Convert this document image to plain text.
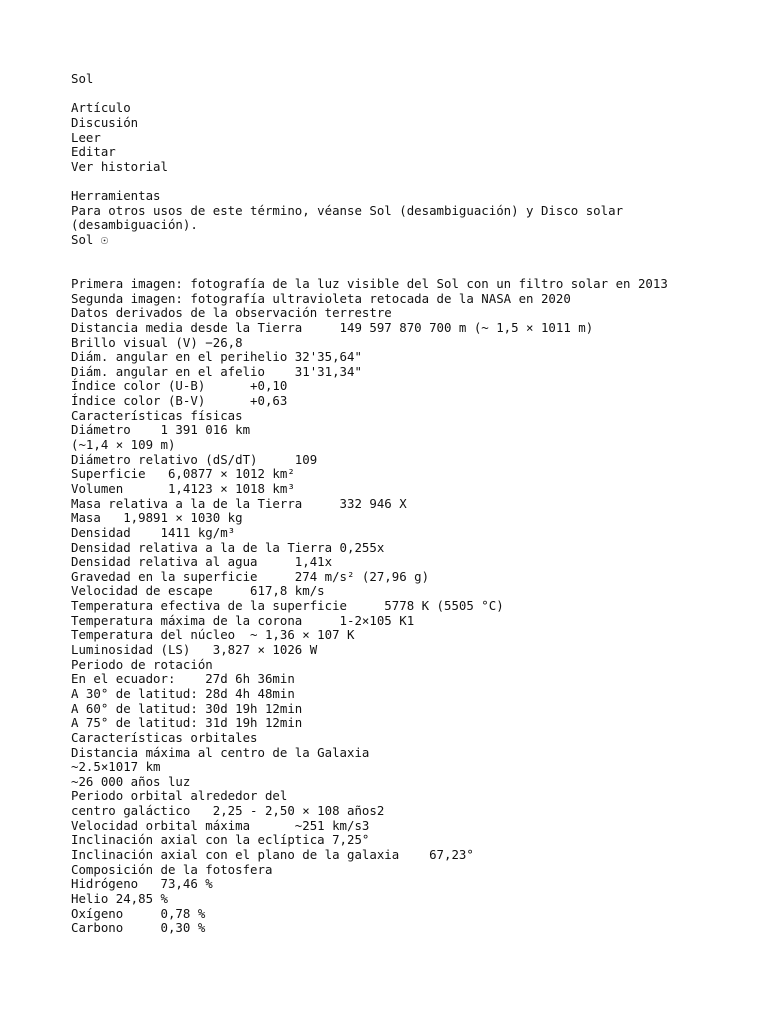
Sol
Artículo
Discusión
Leer
Editar
Ver historial
Herramientas
Para otros usos de este término, véanse Sol (desambiguación) y Disco solar (desambiguación).
Sol ☉
Primera imagen: fotografía de la luz visible del Sol con un filtro solar en 2013
Segunda imagen: fotografía ultravioleta retocada de la NASA en 2020
Datos derivados de la observación terrestre
Distancia media desde la Tierra     149 597 870 700 m (~ 1,5 × 1011 m)
Brillo visual (V) −26,8
Diám. angular en el perihelio 32'35,64"
Diám. angular en el afelio    31'31,34"
Índice color (U-B)      +0,10
Índice color (B-V)      +0,63
Características físicas
Diámetro    1 391 016 km
(~1,4 × 109 m)
Diámetro relativo (dS/dT)     109
Superficie   6,0877 × 1012 km²
Volumen      1,4123 × 1018 km³
Masa relativa a la de la Tierra     332 946 X
Masa   1,9891 × 1030 kg
Densidad    1411 kg/m³
Densidad relativa a la de la Tierra 0,255x
Densidad relativa al agua     1,41x
Gravedad en la superficie     274 m/s² (27,96 g)
Velocidad de escape     617,8 km/s
Temperatura efectiva de la superficie     5778 K (5505 °C)
Temperatura máxima de la corona     1-2×105 K1
Temperatura del núcleo  ~ 1,36 × 107 K
Luminosidad (LS)   3,827 × 1026 W
Periodo de rotación
En el ecuador:    27d 6h 36min
A 30° de latitud: 28d 4h 48min
A 60° de latitud: 30d 19h 12min
A 75° de latitud: 31d 19h 12min
Características orbitales
Distancia máxima al centro de la Galaxia
~2.5×1017 km
~26 000 años luz
Periodo orbital alrededor del
centro galáctico   2,25 - 2,50 × 108 años2
Velocidad orbital máxima      ~251 km/s3
Inclinación axial con la eclíptica 7,25°
Inclinación axial con el plano de la galaxia    67,23°
Composición de la fotosfera
Hidrógeno   73,46 %
Helio 24,85 %
Oxígeno     0,78 %
Carbono     0,30 %
